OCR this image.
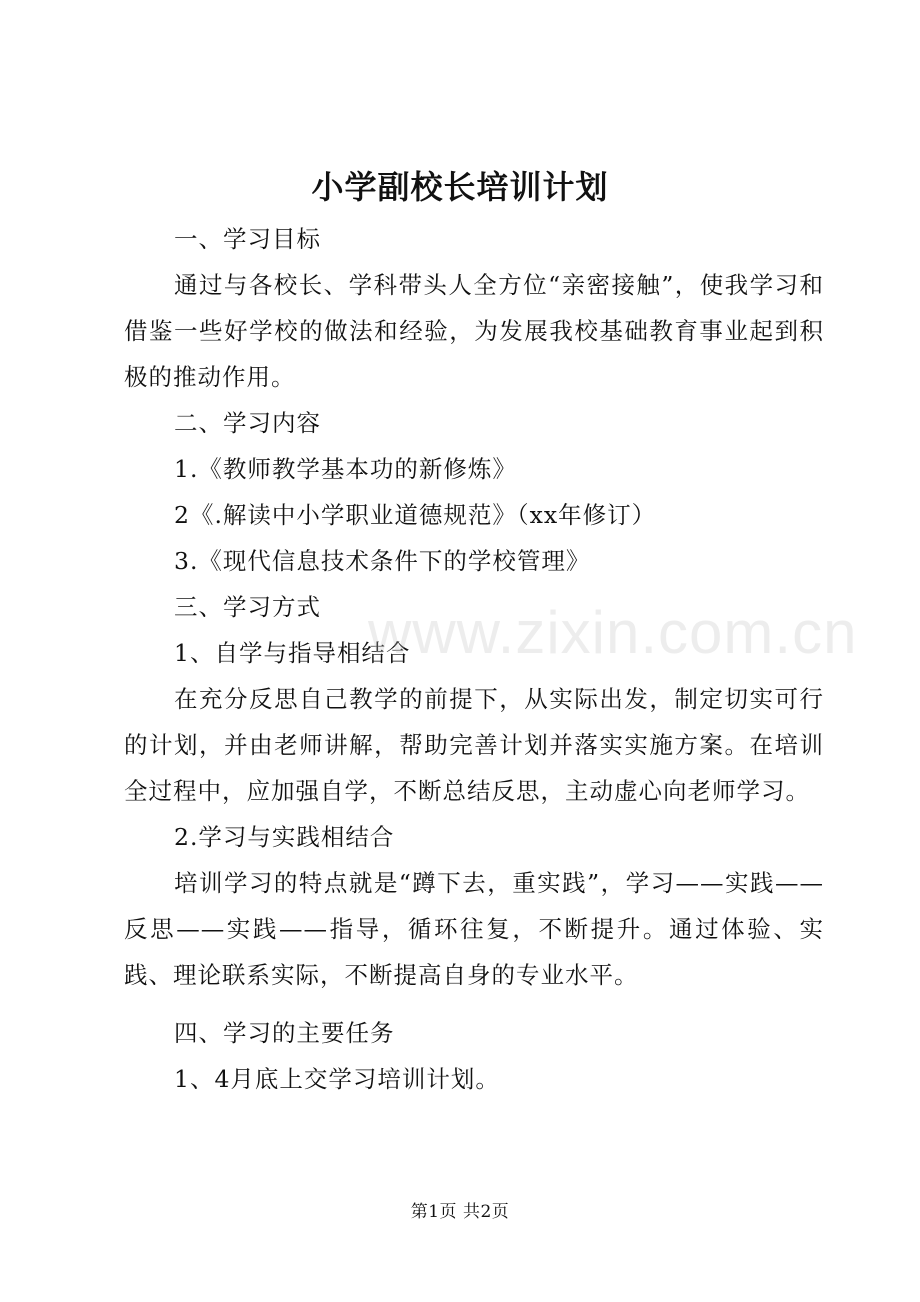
小学副校长培训计划

一、学习目标

通过与各校长、学科带头人全方位“亲密接触”，使我学习和借鉴一些好学校的做法和经验，为发展我校基础教育事业起到积极的推动作用。

二、学习内容

1.《教师教学基本功的新修炼》

2《.解读中小学职业道德规范》（xx年修订）

3.《现代信息技术条件下的学校管理》

三、学习方式

1、自学与指导相结合

在充分反思自己教学的前提下，从实际出发，制定切实可行的计划，并由老师讲解，帮助完善计划并落实实施方案。在培训全过程中，应加强自学，不断总结反思，主动虚心向老师学习。

2.学习与实践相结合

培训学习的特点就是“蹲下去，重实践”，学习——实践——反思——实践——指导，循环往复，不断提升。通过体验、实践、理论联系实际，不断提高自身的专业水平。

四、学习的主要任务

1、4月底上交学习培训计划。

www.zixin.com.cn
第1页 共2页
